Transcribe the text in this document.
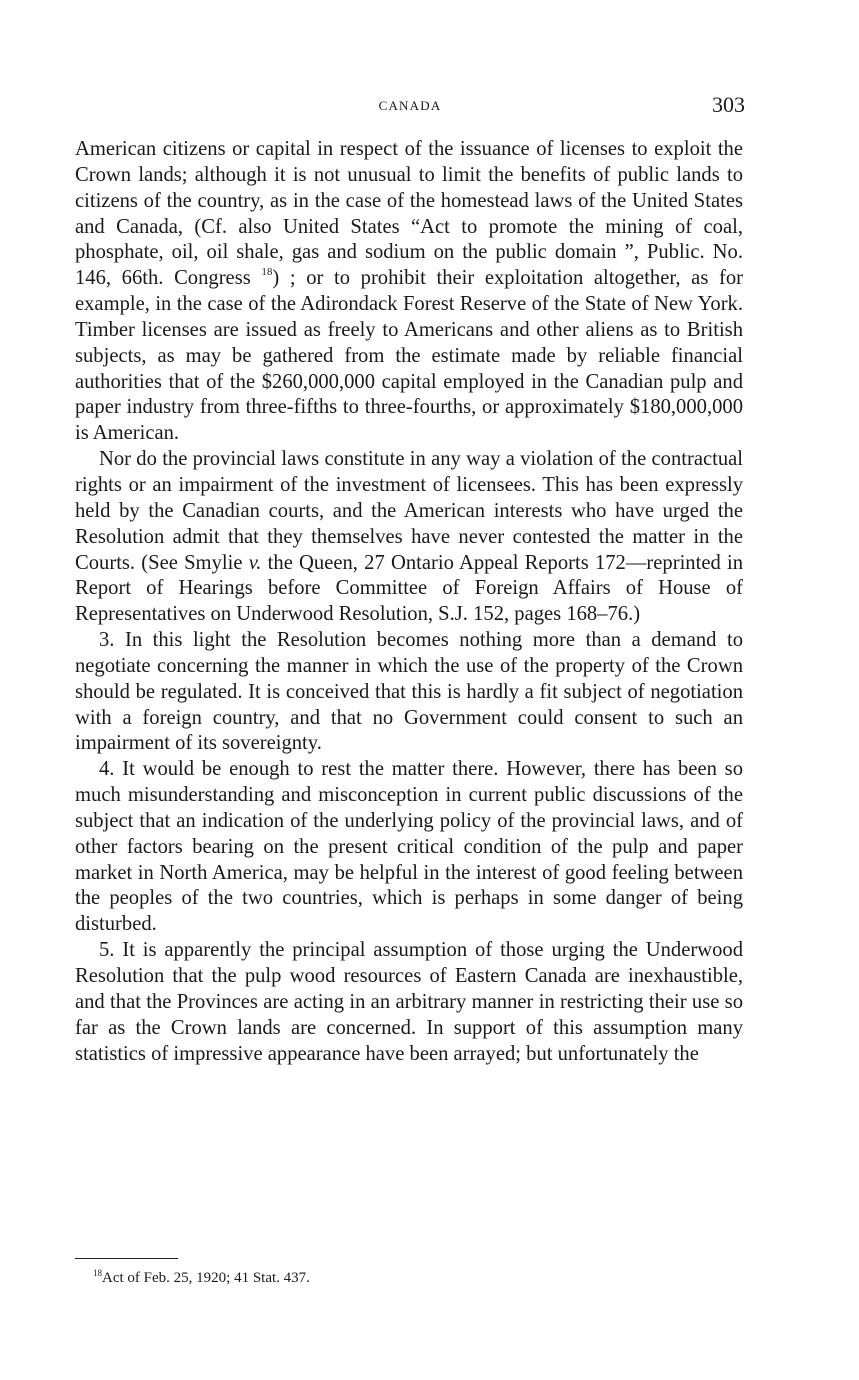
CANADA	303

American citizens or capital in respect of the issuance of licenses to exploit the Crown lands; although it is not unusual to limit the benefits of public lands to citizens of the country, as in the case of the homestead laws of the United States and Canada, (Cf. also United States “Act to promote the mining of coal, phosphate, oil, oil shale, gas and sodium on the public domain ”, Public. No. 146, 66th. Congress $^{18}$) ; or to prohibit their exploitation altogether, as for example, in the case of the Adirondack Forest Reserve of the State of New York. Timber licenses are issued as freely to Americans and other aliens as to British subjects, as may be gathered from the estimate made by reliable financial authorities that of the $260,000,000 capital employed in the Canadian pulp and paper industry from three-fifths to three-fourths, or approximately $180,000,000 is American.

Nor do the provincial laws constitute in any way a violation of the contractual rights or an impairment of the investment of licensees. This has been expressly held by the Canadian courts, and the American interests who have urged the Resolution admit that they themselves have never contested the matter in the Courts. (See Smylie v. the Queen, 27 Ontario Appeal Reports 172—reprinted in Report of Hearings before Committee of Foreign Affairs of House of Representatives on Underwood Resolution, S.J. 152, pages 168–76.)

3. In this light the Resolution becomes nothing more than a demand to negotiate concerning the manner in which the use of the property of the Crown should be regulated. It is conceived that this is hardly a fit subject of negotiation with a foreign country, and that no Government could consent to such an impairment of its sovereignty.

4. It would be enough to rest the matter there. However, there has been so much misunderstanding and misconception in current public discussions of the subject that an indication of the underlying policy of the provincial laws, and of other factors bearing on the present critical condition of the pulp and paper market in North America, may be helpful in the interest of good feeling between the peoples of the two countries, which is perhaps in some danger of being disturbed.

5. It is apparently the principal assumption of those urging the Underwood Resolution that the pulp wood resources of Eastern Canada are inexhaustible, and that the Provinces are acting in an arbitrary manner in restricting their use so far as the Crown lands are concerned. In support of this assumption many statistics of impressive appearance have been arrayed; but unfortunately the

$^{18}$Act of Feb. 25, 1920; 41 Stat. 437.
